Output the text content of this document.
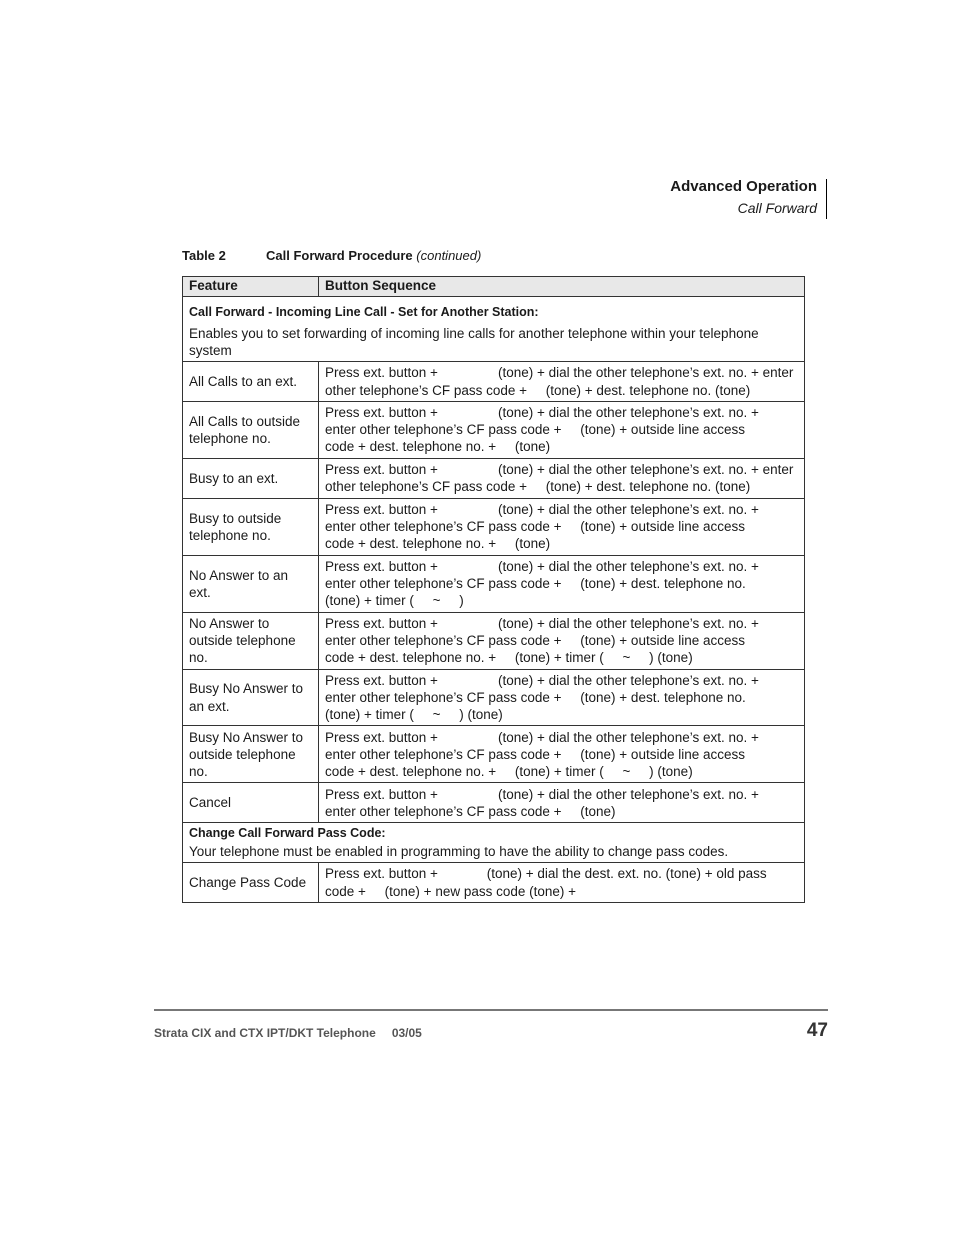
Advanced Operation
Call Forward
Table 2	Call Forward Procedure (continued)
Feature	Button Sequence

Call Forward - Incoming Line Call - Set for Another Station:
Enables you to set forwarding of incoming line calls for another telephone within your telephone system	

All Calls to an ext.	Press ext. button +                (tone) + dial the other telephone’s ext. no. + enter
other telephone’s CF pass code +     (tone) + dest. telephone no. (tone)

All Calls to outside telephone no.	Press ext. button +                (tone) + dial the other telephone’s ext. no. +
enter other telephone’s CF pass code +     (tone) + outside line access
code + dest. telephone no. +     (tone)

Busy to an ext.	Press ext. button +                (tone) + dial the other telephone’s ext. no. + enter
other telephone’s CF pass code +     (tone) + dest. telephone no. (tone)

Busy to outside telephone no.	Press ext. button +                (tone) + dial the other telephone’s ext. no. +
enter other telephone’s CF pass code +     (tone) + outside line access
code + dest. telephone no. +     (tone)

No Answer to an ext.	Press ext. button +                (tone) + dial the other telephone’s ext. no. +
enter other telephone’s CF pass code +     (tone) + dest. telephone no.
(tone) + timer (     ~     )

No Answer to outside telephone no.	Press ext. button +                (tone) + dial the other telephone’s ext. no. +
enter other telephone’s CF pass code +     (tone) + outside line access
code + dest. telephone no. +     (tone) + timer (     ~     ) (tone)

Busy No Answer to an ext.	Press ext. button +                (tone) + dial the other telephone’s ext. no. +
enter other telephone’s CF pass code +     (tone) + dest. telephone no.
(tone) + timer (     ~     ) (tone)

Busy No Answer to outside telephone no.	Press ext. button +                (tone) + dial the other telephone’s ext. no. +
enter other telephone’s CF pass code +     (tone) + outside line access
code + dest. telephone no. +     (tone) + timer (     ~     ) (tone)

Cancel	Press ext. button +                (tone) + dial the other telephone’s ext. no. +
enter other telephone’s CF pass code +     (tone)

Change Call Forward Pass Code:
Your telephone must be enabled in programming to have the ability to change pass codes.	

Change Pass Code	Press ext. button +             (tone) + dial the dest. ext. no. (tone) + old pass
code +     (tone) + new pass code (tone) +
Strata CIX and CTX IPT/DKT Telephone 03/05	47
